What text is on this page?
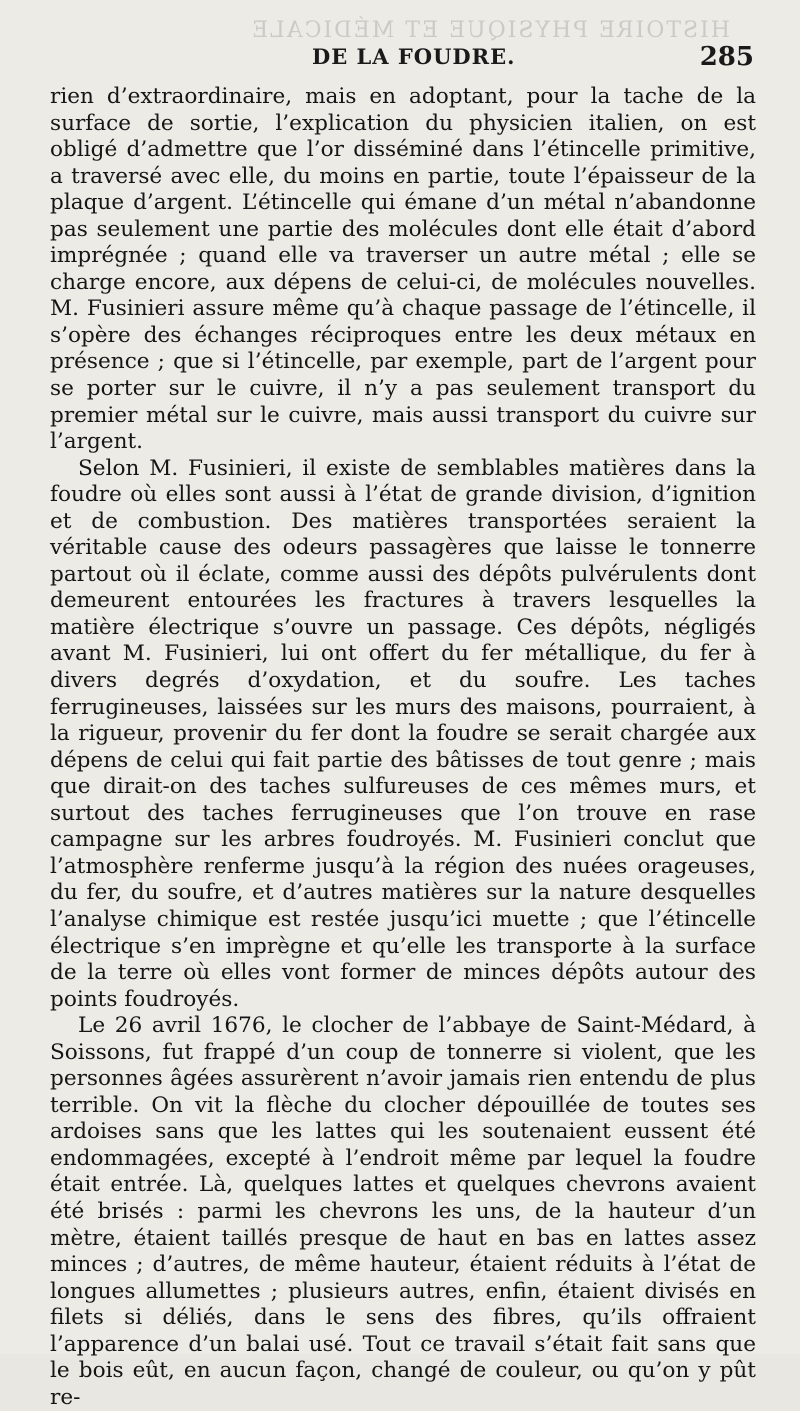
HISTOIRE PHYSIQUE ET MÉDICALE
DE LA FOUDRE.	285

rien d’extraordinaire, mais en adoptant, pour la tache de la surface de sortie, l’explication du physicien italien, on est obligé d’admettre que l’or disséminé dans l’étincelle primitive, a traversé avec elle, du moins en partie, toute l’épaisseur de la plaque d’argent. L’étincelle qui émane d’un métal n’abandonne pas seulement une partie des molécules dont elle était d’abord imprégnée ; quand elle va traverser un autre métal ; elle se charge encore, aux dépens de celui-ci, de molécules nouvelles. M. Fusinieri assure même qu’à chaque passage de l’étincelle, il s’opère des échanges réciproques entre les deux métaux en présence ; que si l’étincelle, par exemple, part de l’argent pour se porter sur le cuivre, il n’y a pas seulement transport du premier métal sur le cuivre, mais aussi transport du cuivre sur l’argent.

Selon M. Fusinieri, il existe de semblables matières dans la foudre où elles sont aussi à l’état de grande division, d’ignition et de combustion. Des matières transportées seraient la véritable cause des odeurs passagères que laisse le tonnerre partout où il éclate, comme aussi des dépôts pulvérulents dont demeurent entourées les fractures à travers lesquelles la matière électrique s’ouvre un passage. Ces dépôts, négligés avant M. Fusinieri, lui ont offert du fer métallique, du fer à divers degrés d’oxydation, et du soufre. Les taches ferrugineuses, laissées sur les murs des maisons, pourraient, à la rigueur, provenir du fer dont la foudre se serait chargée aux dépens de celui qui fait partie des bâtisses de tout genre ; mais que dirait-on des taches sulfureuses de ces mêmes murs, et surtout des taches ferrugineuses que l’on trouve en rase campagne sur les arbres foudroyés. M. Fusinieri conclut que l’atmosphère renferme jusqu’à la région des nuées orageuses, du fer, du soufre, et d’autres matières sur la nature desquelles l’analyse chimique est restée jusqu’ici muette ; que l’étincelle électrique s’en imprègne et qu’elle les transporte à la surface de la terre où elles vont former de minces dépôts autour des points foudroyés.

Le 26 avril 1676, le clocher de l’abbaye de Saint-Médard, à Soissons, fut frappé d’un coup de tonnerre si violent, que les personnes âgées assurèrent n’avoir jamais rien entendu de plus terrible. On vit la flèche du clocher dépouillée de toutes ses ardoises sans que les lattes qui les soutenaient eussent été endommagées, excepté à l’endroit même par lequel la foudre était entrée. Là, quelques lattes et quelques chevrons avaient été brisés : parmi les chevrons les uns, de la hauteur d’un mètre, étaient taillés presque de haut en bas en lattes assez minces ; d’autres, de même hauteur, étaient réduits à l’état de longues allumettes ; plusieurs autres, enfin, étaient divisés en filets si déliés, dans le sens des fibres, qu’ils offraient l’apparence d’un balai usé. Tout ce travail s’était fait sans que le bois eût, en aucun façon, changé de couleur, ou qu’on y pût re-
